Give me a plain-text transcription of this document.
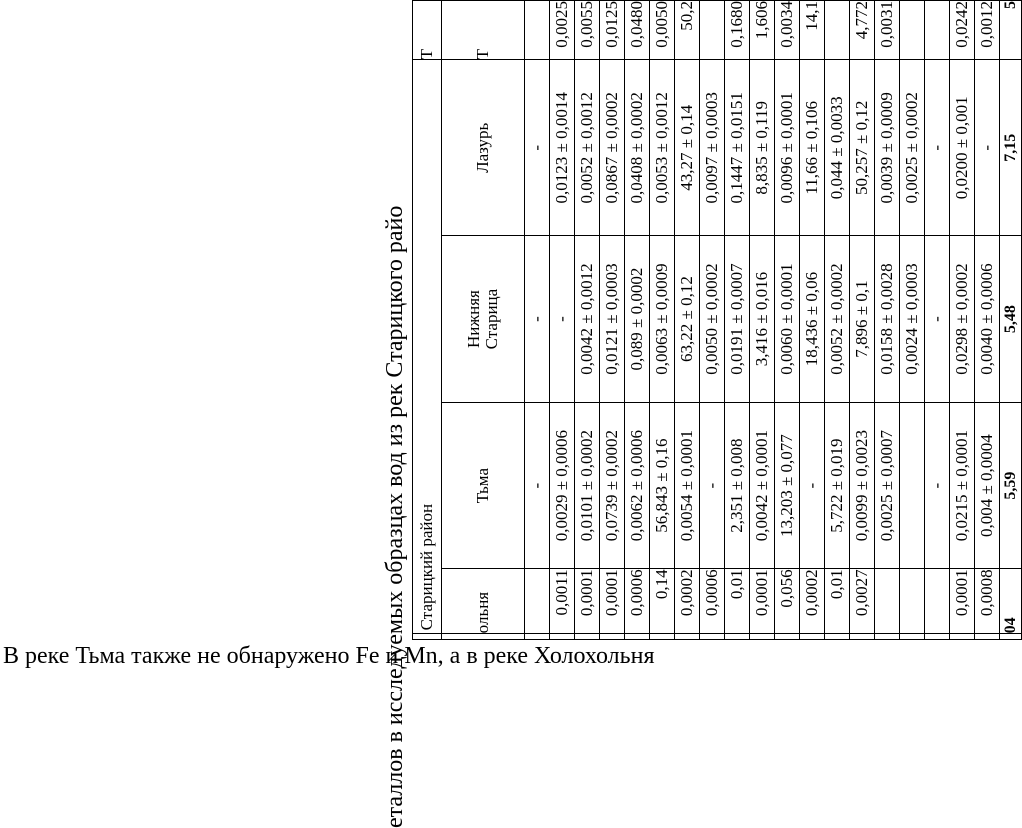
еталлов в исследуемых образцах вод из рек Старицкого райо
	Старицкий район				Т
	ольня	Тьма	Нижняя Старица	Лазурь	Т
		-	-	-	
	0,0011	0,0029 ± 0,0006	-	0,0123 ± 0,0014	0,0025
	0,0001	0,0101 ± 0,0002	0,0042 ± 0,0012	0,0052 ± 0,0012	0,0055
	0,0001	0,0739 ± 0,0002	0,0121 ± 0,0003	0,0867 ± 0,0002	0,0125
	0,0006	0,0062 ± 0,0006	0,089 ± 0,0002	0,0408 ± 0,0002	0,0480
	0,14	56,843 ± 0,16	0,0063 ± 0,0009	0,0053 ± 0,0012	0,0050
	0,0002	0,0054 ± 0,0001	63,22 ± 0,12	43,27 ± 0,14	50,2
	0,0006	-	0,0050 ± 0,0002	0,0097 ± 0,0003	
	0,01	2,351 ± 0,008	0,0191 ± 0,0007	0,1447 ± 0,0151	0,1680
	0,0001	0,0042 ± 0,0001	3,416 ± 0,016	8,835 ± 0,119	1,606
	0,056	13,203 ± 0,077	0,0060 ± 0,0001	0,0096 ± 0,0001	0,0034
	0,0002	-	18,436 ± 0,06	11,66 ± 0,106	14,1
	0,01	5,722 ± 0,019	0,0052 ± 0,0002	0,044 ± 0,0033	
	0,0027	0,0099 ± 0,0023	7,896 ± 0,1	50,257 ± 0,12	4,772
		0,0025 ± 0,0007	0,0158 ± 0,0028	0,0039 ± 0,0009	0,0031
			0,0024 ± 0,0003	0,0025 ± 0,0002	
		-	-	-	
	0,0001	0,0215 ± 0,0001	0,0298 ± 0,0002	0,0200 ± 0,001	0,0242
	0,0008	0,004 ± 0,0004	0,0040 ± 0,0006	-	0,0012
	04	5,59	5,48	7,15	5
В реке Тьма также не обнаружено Fe и Mn, а в реке Холохольня
